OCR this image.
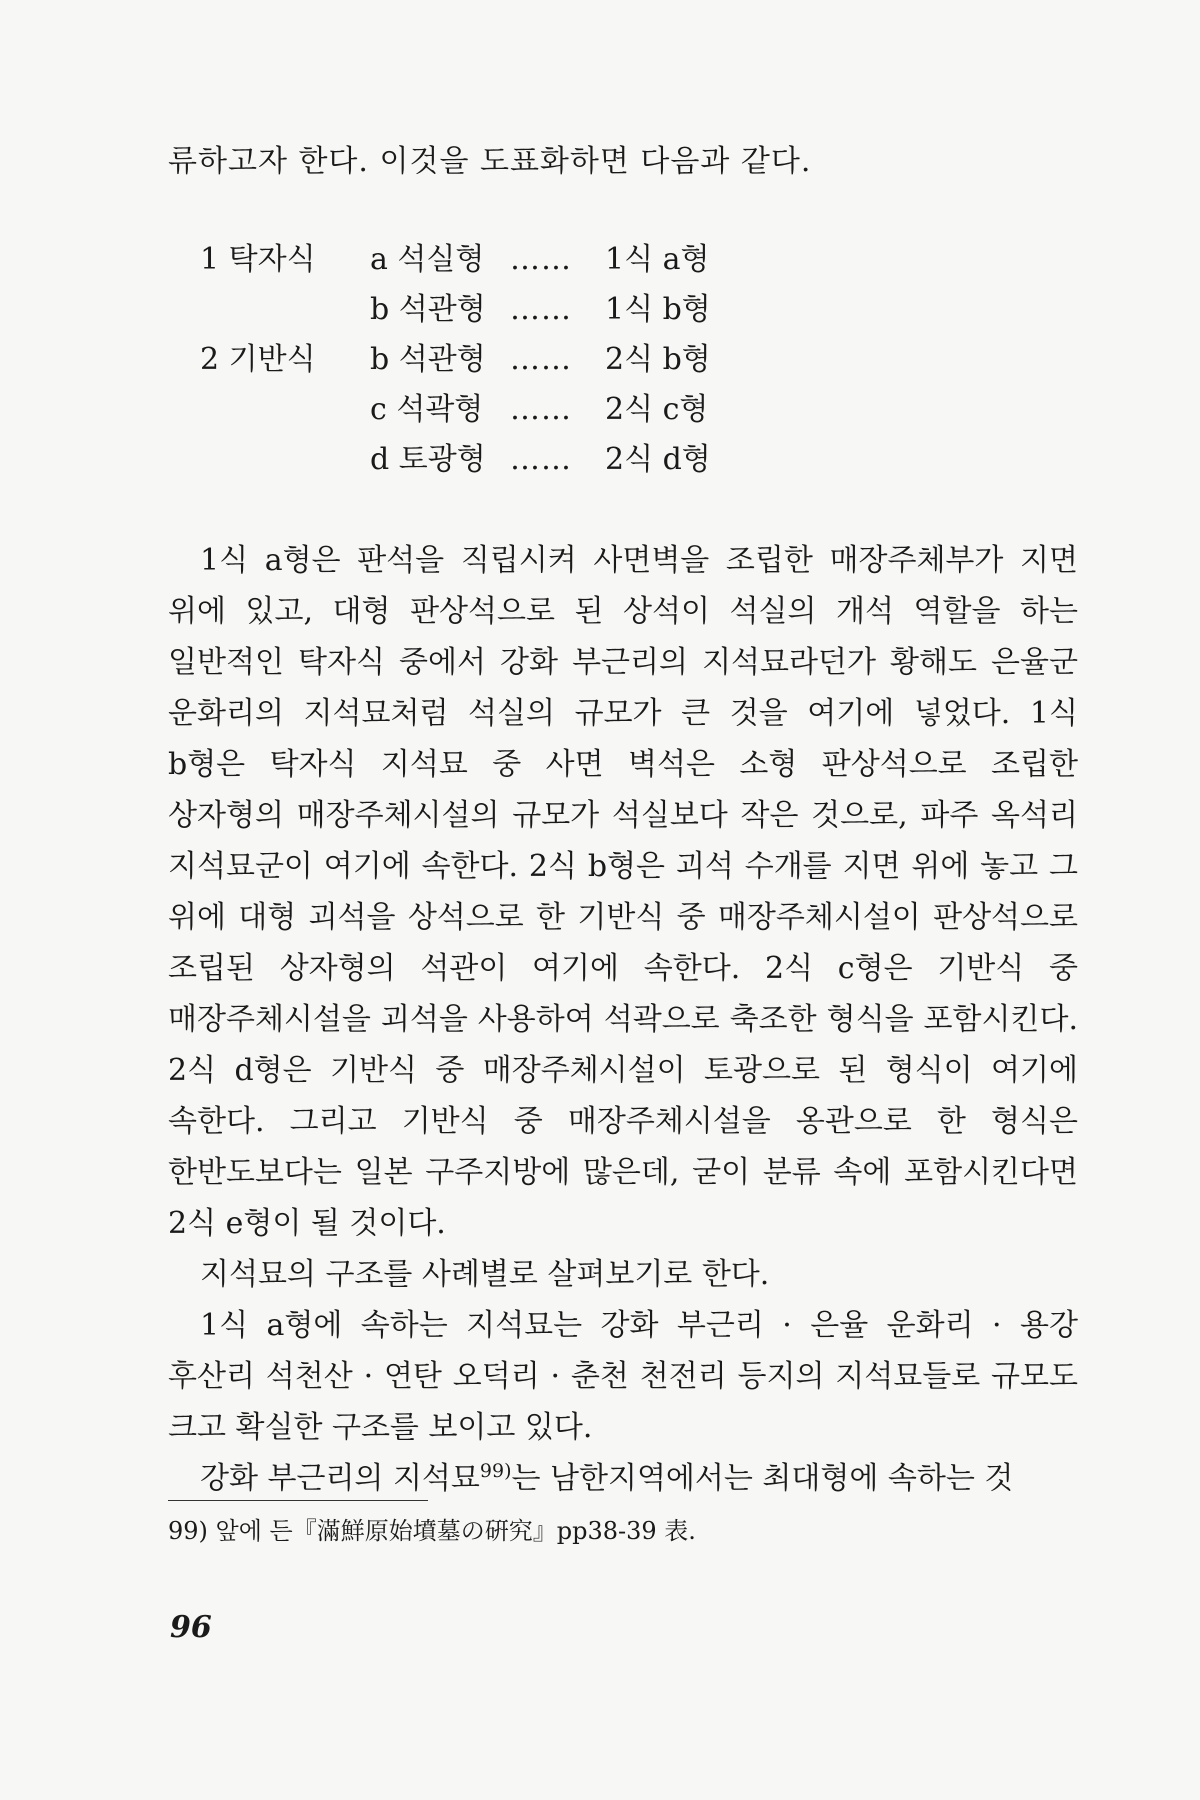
류하고자 한다. 이것을 도표화하면 다음과 같다.
1 탁자식 a 석실형 …… 1식 a형
b 석관형 …… 1식 b형
2 기반식 b 석관형 …… 2식 b형
c 석곽형 …… 2식 c형
d 토광형 …… 2식 d형

1식 a형은 판석을 직립시켜 사면벽을 조립한 매장주체부가 지면 위에 있고, 대형 판상석으로 된 상석이 석실의 개석 역할을 하는 일반적인 탁자식 중에서 강화 부근리의 지석묘라던가 황해도 은율군 운화리의 지석묘처럼 석실의 규모가 큰 것을 여기에 넣었다. 1식 b형은 탁자식 지석묘 중 사면 벽석은 소형 판상석으로 조립한 상자형의 매장주체시설의 규모가 석실보다 작은 것으로, 파주 옥석리 지석묘군이 여기에 속한다. 2식 b형은 괴석 수개를 지면 위에 놓고 그 위에 대형 괴석을 상석으로 한 기반식 중 매장주체시설이 판상석으로 조립된 상자형의 석관이 여기에 속한다. 2식 c형은 기반식 중 매장주체시설을 괴석을 사용하여 석곽으로 축조한 형식을 포함시킨다. 2식 d형은 기반식 중 매장주체시설이 토광으로 된 형식이 여기에 속한다. 그리고 기반식 중 매장주체시설을 옹관으로 한 형식은 한반도보다는 일본 구주지방에 많은데, 굳이 분류 속에 포함시킨다면 2식 e형이 될 것이다.

지석묘의 구조를 사례별로 살펴보기로 한다.

1식 a형에 속하는 지석묘는 강화 부근리 · 은율 운화리 · 용강 후산리 석천산 · 연탄 오덕리 · 춘천 천전리 등지의 지석묘들로 규모도 크고 확실한 구조를 보이고 있다.

강화 부근리의 지석묘$^{99)}$는 남한지역에서는 최대형에 속하는 것

99) 앞에 든『滿鮮原始墳墓の硏究』pp38-39 表.
96
